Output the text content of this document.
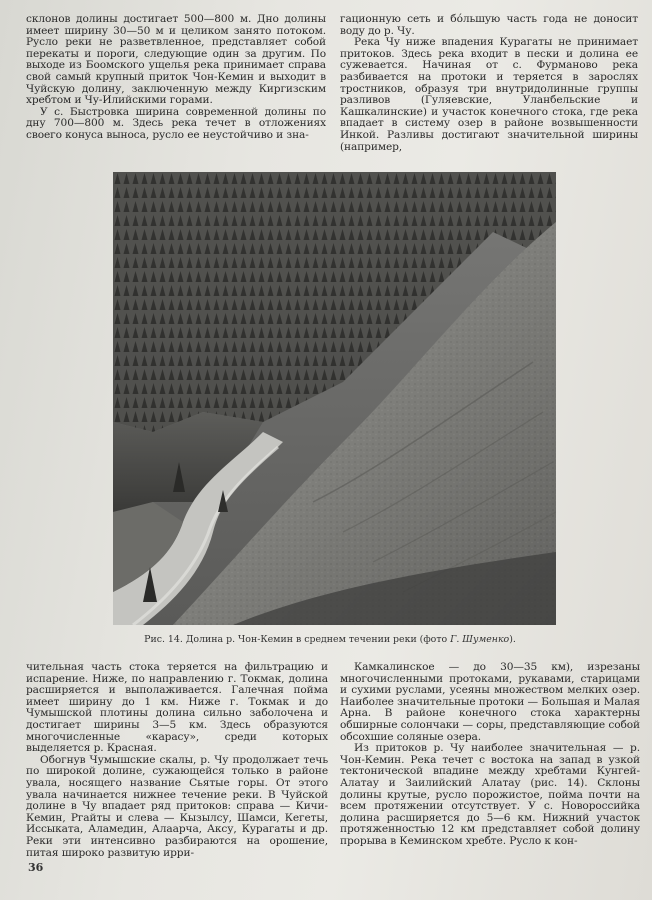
склонов долины достигает 500—800 м. Дно долины имеет ширину 30—50 м и целиком занято потоком. Русло реки не разветвленное, представляет собой перекаты и пороги, следующие один за другим. По выходе из Боомского ущелья река принимает справа свой самый крупный приток Чон-Кемин и выходит в Чуйскую долину, заключенную между Киргизским хребтом и Чу-Илийскими горами.

У с. Быстровка ширина современной долины по дну 700—800 м. Здесь река течет в отложениях своего конуса выноса, русло ее неустойчиво и зна-

гационную сеть и бо́льшую часть года не доносит воду до р. Чу.

Река Чу ниже впадения Курагаты не принимает притоков. Здесь река входит в пески и долина ее сужевается. Начиная от с. Фурманово река разбивается на протоки и теряется в зарослях тростников, образуя три внутридолинные группы разливов (Гуляевские, Уланбельские и Кашкалинские) и участок конечного стока, где река впадает в систему озер в районе возвышенности Инкой. Разливы достигают значительной ширины (например,

Рис. 14. Долина р. Чон-Кемин в среднем течении реки (фото Г. Шуменко).

чительная часть стока теряется на фильтрацию и испарение. Ниже, по направлению г. Токмак, долина расширяется и выполаживается. Галечная пойма имеет ширину до 1 км. Ниже г. Токмак и до Чумышской плотины долина сильно заболочена и достигает ширины 3—5 км. Здесь образуются многочисленные «карасу», среди которых выделяется р. Красная.

Обогнув Чумышские скалы, р. Чу продолжает течь по широкой долине, сужающейся только в районе увала, носящего название Сьятые горы. От этого увала начинается нижнее течение реки. В Чуйской долине в Чу впадает ряд притоков: справа — Кичи-Кемин, Ргайты и слева — Кызылсу, Шамси, Кегеты, Иссыката, Аламедин, Алаарча, Аксу, Курагаты и др. Реки эти интенсивно разбираются на орошение, питая широко развитую ирри-

Камкалинское — до 30—35 км), изрезаны многочисленными протоками, рукавами, старицами и сухими руслами, усеяны множеством мелких озер. Наиболее значительные протоки — Большая и Малая Арна. В районе конечного стока характерны обширные солончаки — соры, представляющие собой обсохшие соляные озера.

Из притоков р. Чу наиболее значительная — р. Чон-Кемин. Река течет с востока на запад в узкой тектонической впадине между хребтами Кунгей-Алатау и Заилийский Алатау (рис. 14). Склоны долины крутые, русло порожистое, пойма почти на всем протяжении отсутствует. У с. Новороссийка долина расширяется до 5—6 км. Нижний участок протяженностью 12 км представляет собой долину прорыва в Кеминском хребте. Русло к кон-

36
